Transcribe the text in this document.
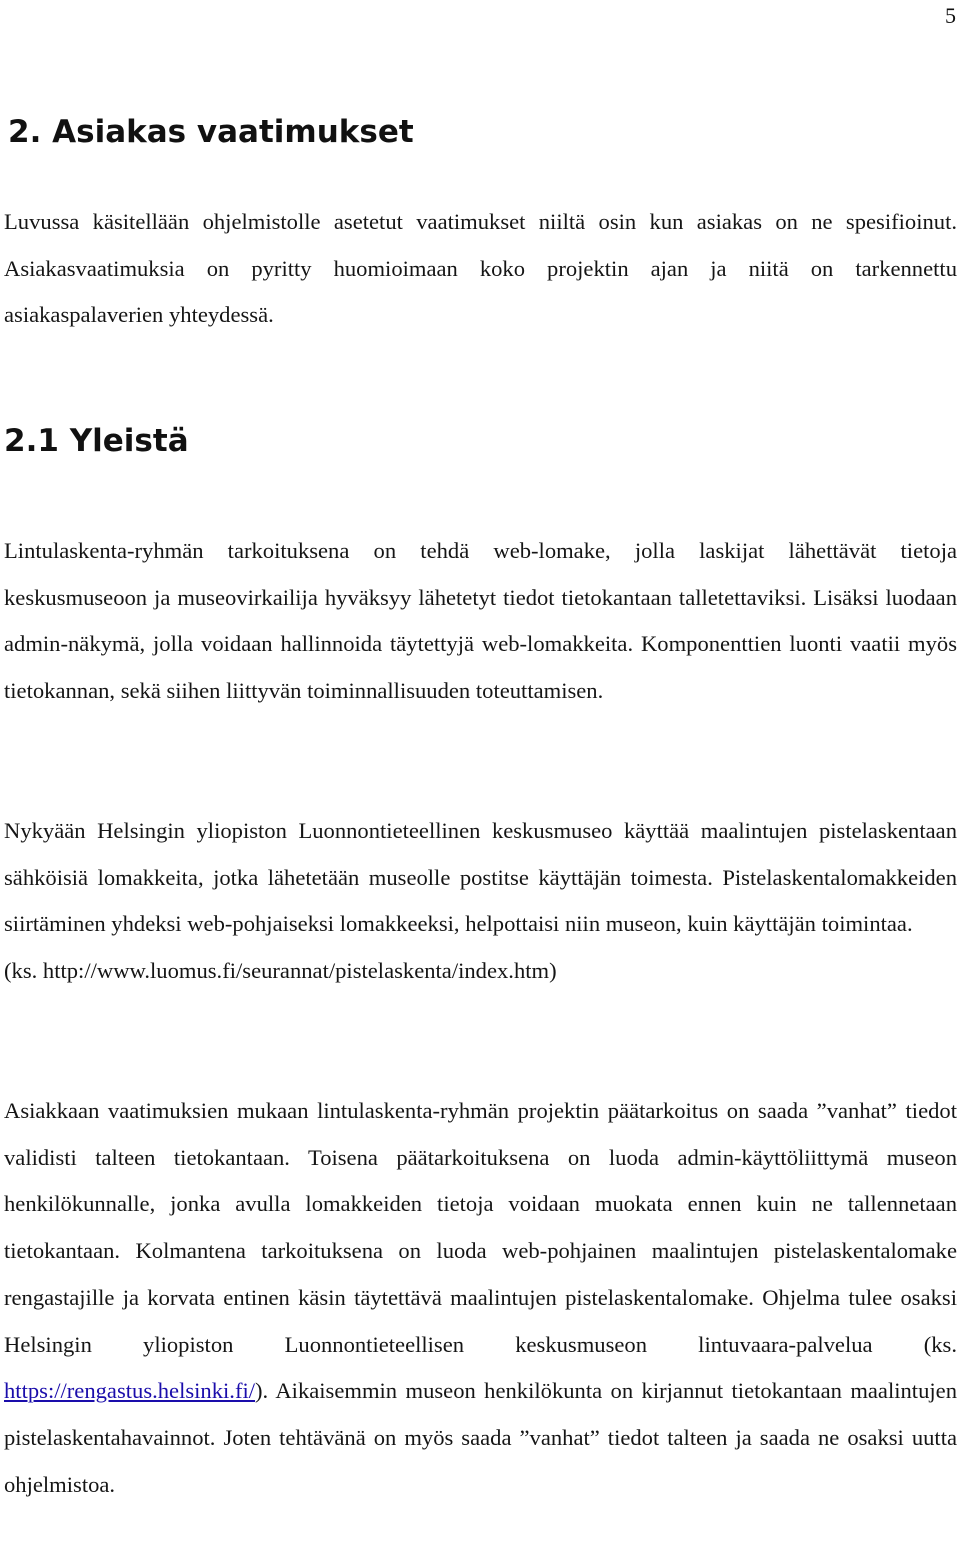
5
2. Asiakas vaatimukset

Luvussa käsitellään ohjelmistolle asetetut vaatimukset niiltä osin kun asiakas on ne spesifioinut. Asiakasvaatimuksia on pyritty huomioimaan koko projektin ajan ja niitä on tarkennettu asiakaspalaverien yhteydessä.

2.1 Yleistä

Lintulaskenta-ryhmän tarkoituksena on tehdä web-lomake, jolla laskijat lähettävät tietoja keskusmuseoon ja museovirkailija hyväksyy lähetetyt tiedot tietokantaan talletettaviksi. Lisäksi luodaan admin-näkymä, jolla voidaan hallinnoida täytettyjä web-lomakkeita. Komponenttien luonti vaatii myös tietokannan, sekä siihen liittyvän toiminnallisuuden toteuttamisen.

Nykyään Helsingin yliopiston Luonnontieteellinen keskusmuseo käyttää maalintujen pistelaskentaan sähköisiä lomakkeita, jotka lähetetään museolle postitse käyttäjän toimesta. Pistelaskentalomakkeiden siirtäminen yhdeksi web-pohjaiseksi lomakkeeksi, helpottaisi niin museon, kuin käyttäjän toimintaa.
(ks. http://www.luomus.fi/seurannat/pistelaskenta/index.htm)

Asiakkaan vaatimuksien mukaan lintulaskenta-ryhmän projektin päätarkoitus on saada ”vanhat” tiedot validisti talteen tietokantaan. Toisena päätarkoituksena on luoda admin-käyttöliittymä museon henkilökunnalle, jonka avulla lomakkeiden tietoja voidaan muokata ennen kuin ne tallennetaan tietokantaan. Kolmantena tarkoituksena on luoda web-pohjainen maalintujen pistelaskentalomake rengastajille ja korvata entinen käsin täytettävä maalintujen pistelaskentalomake. Ohjelma tulee osaksi Helsingin yliopiston Luonnontieteellisen keskusmuseon lintuvaara-palvelua (ks. https://rengastus.helsinki.fi/). Aikaisemmin museon henkilökunta on kirjannut tietokantaan maalintujen pistelaskentahavainnot. Joten tehtävänä on myös saada ”vanhat” tiedot talteen ja saada ne osaksi uutta ohjelmistoa.
